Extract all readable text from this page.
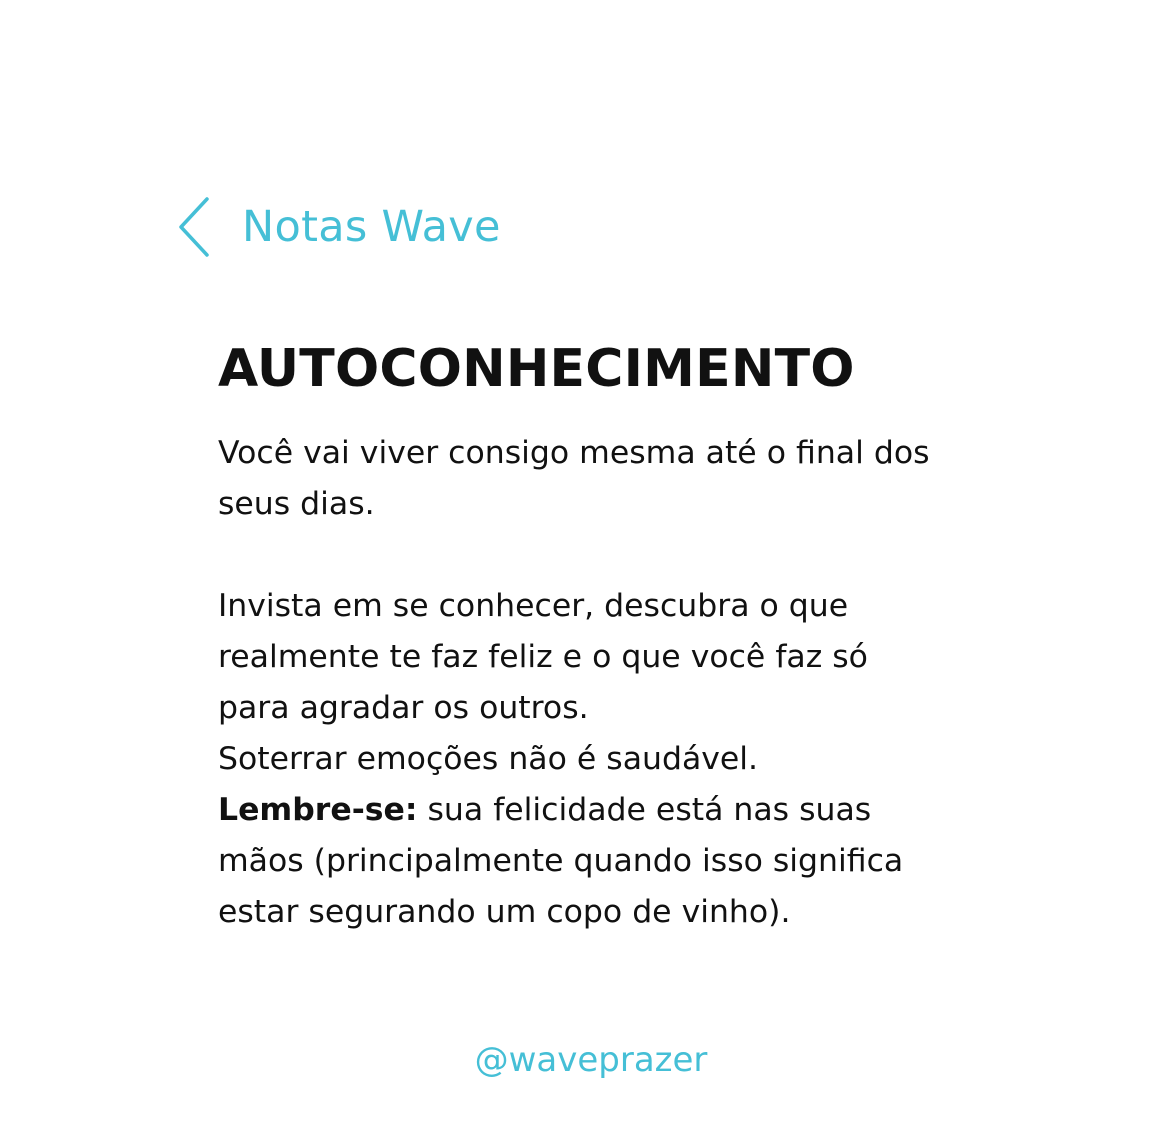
Notas Wave
AUTOCONHECIMENTO

Você vai viver consigo mesma até o final dos seus dias.

Invista em se conhecer, descubra o que realmente te faz feliz e o que você faz só para agradar os outros.

Soterrar emoções não é saudável.

Lembre-se: sua felicidade está nas suas mãos (principalmente quando isso significa estar segurando um copo de vinho).

@waveprazer
